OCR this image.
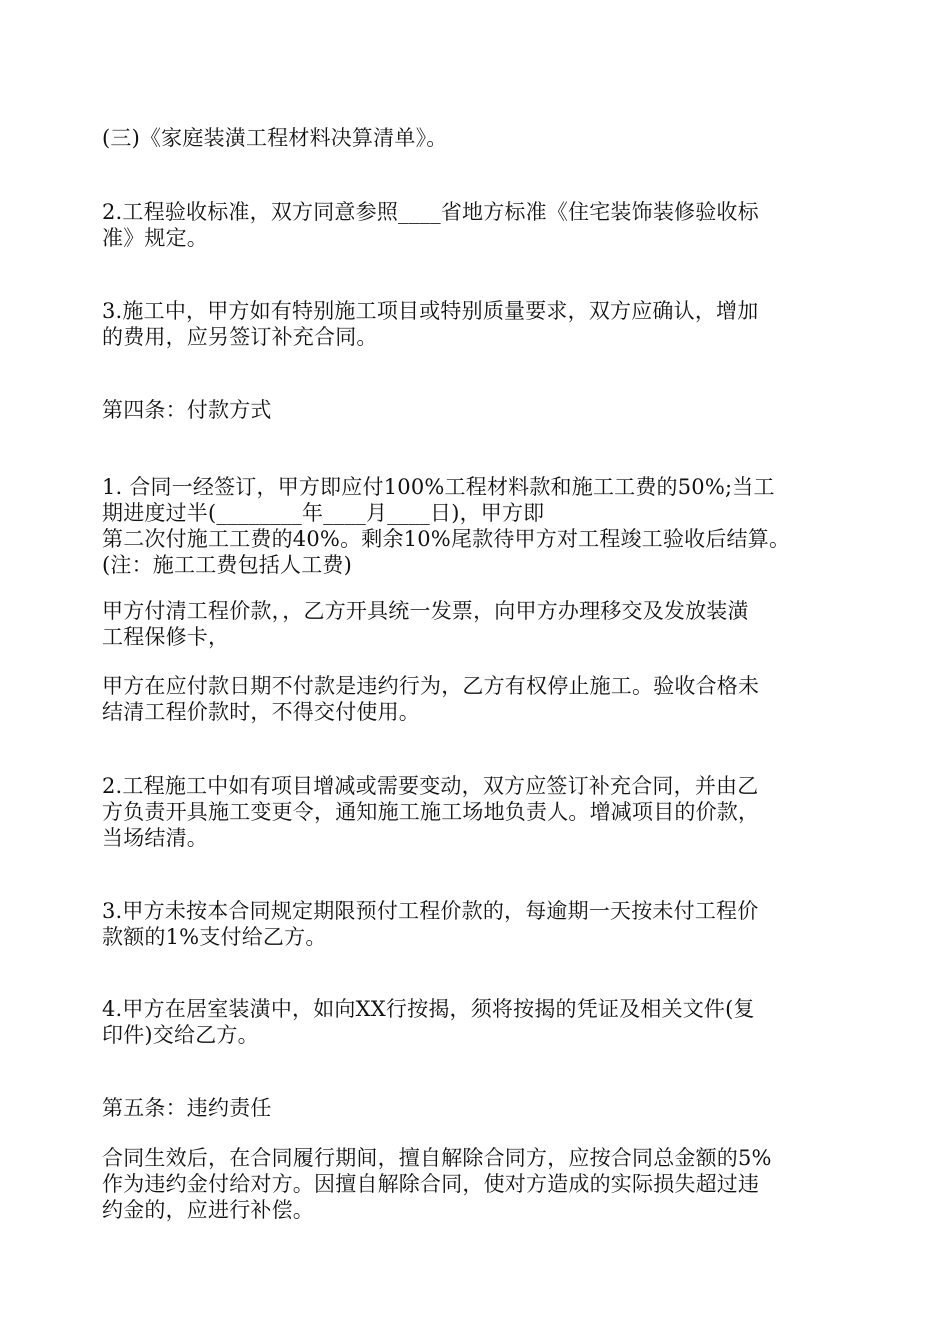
(三)《家庭装潢工程材料决算清单》。

2.工程验收标准，双方同意参照____省地方标准《住宅装饰装修验收标
准》规定。

3.施工中，甲方如有特别施工项目或特别质量要求，双方应确认，增加
的费用，应另签订补充合同。

第四条：付款方式

1. 合同一经签订，甲方即应付100%工程材料款和施工工费的50%;当工
期进度过半(________年____月____日)，甲方即
第二次付施工工费的40%。剩余10%尾款待甲方对工程竣工验收后结算。
(注：施工工费包括人工费)

甲方付清工程价款，，乙方开具统一发票，向甲方办理移交及发放装潢
工程保修卡，

甲方在应付款日期不付款是违约行为，乙方有权停止施工。验收合格未
结清工程价款时，不得交付使用。

2.工程施工中如有项目增减或需要变动，双方应签订补充合同，并由乙
方负责开具施工变更令，通知施工施工场地负责人。增减项目的价款，
当场结清。

3.甲方未按本合同规定期限预付工程价款的，每逾期一天按未付工程价
款额的1%支付给乙方。

4.甲方在居室装潢中，如向XX行按揭，须将按揭的凭证及相关文件(复
印件)交给乙方。

第五条：违约责任

合同生效后，在合同履行期间，擅自解除合同方，应按合同总金额的5%
作为违约金付给对方。因擅自解除合同，使对方造成的实际损失超过违
约金的，应进行补偿。
